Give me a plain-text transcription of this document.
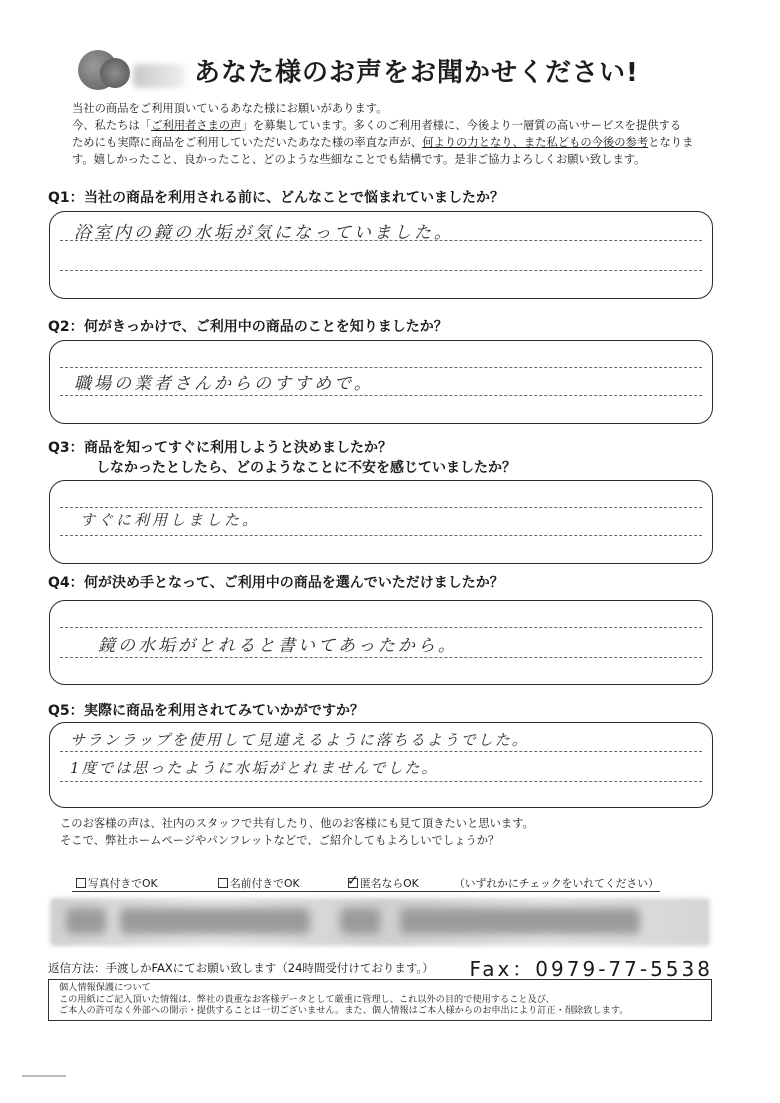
あなた様のお声をお聞かせください!
当社の商品をご利用頂いているあなた様にお願いがあります。
今、私たちは「ご利用者さまの声」を募集しています。多くのご利用者様に、今後より一層質の高いサービスを提供する
ためにも実際に商品をご利用していただいたあなた様の率直な声が、何よりの力となり、また私どもの今後の参考となりま
す。嬉しかったこと、良かったこと、どのような些細なことでも結構です。是非ご協力よろしくお願い致します。
Q1：当社の商品を利用される前に、どんなことで悩まれていましたか？
浴室内の鏡の水垢が気になっていました。
Q2：何がきっかけで、ご利用中の商品のことを知りましたか？
職場の業者さんからのすすめで。
Q3：商品を知ってすぐに利用しようと決めましたか？
しなかったとしたら、どのようなことに不安を感じていましたか？
すぐに利用しました。
Q4：何が決め手となって、ご利用中の商品を選んでいただけましたか？
鏡の水垢がとれると書いてあったから。
Q5：実際に商品を利用されてみていかがですか？
サランラップを使用して見違えるように落ちるようでした。
1度では思ったように水垢がとれませんでした。
このお客様の声は、社内のスタッフで共有したり、他のお客様にも見て頂きたいと思います。
そこで、弊社ホームページやパンフレットなどで、ご紹介してもよろしいでしょうか？
写真付きでOK	名前付きでOK
✓	匿名ならOK	（いずれかにチェックをいれてください）
返信方法：手渡しかFAXにてお願い致します（24時間受付けております。） Fax：0979-77-5538
個人情報保護について
この用紙にご記入頂いた情報は、弊社の貴重なお客様データとして厳重に管理し、これ以外の目的で使用すること及び、
ご本人の許可なく外部への開示・提供することは一切ございません。また、個人情報はご本人様からのお申出により訂正・削除致します。
